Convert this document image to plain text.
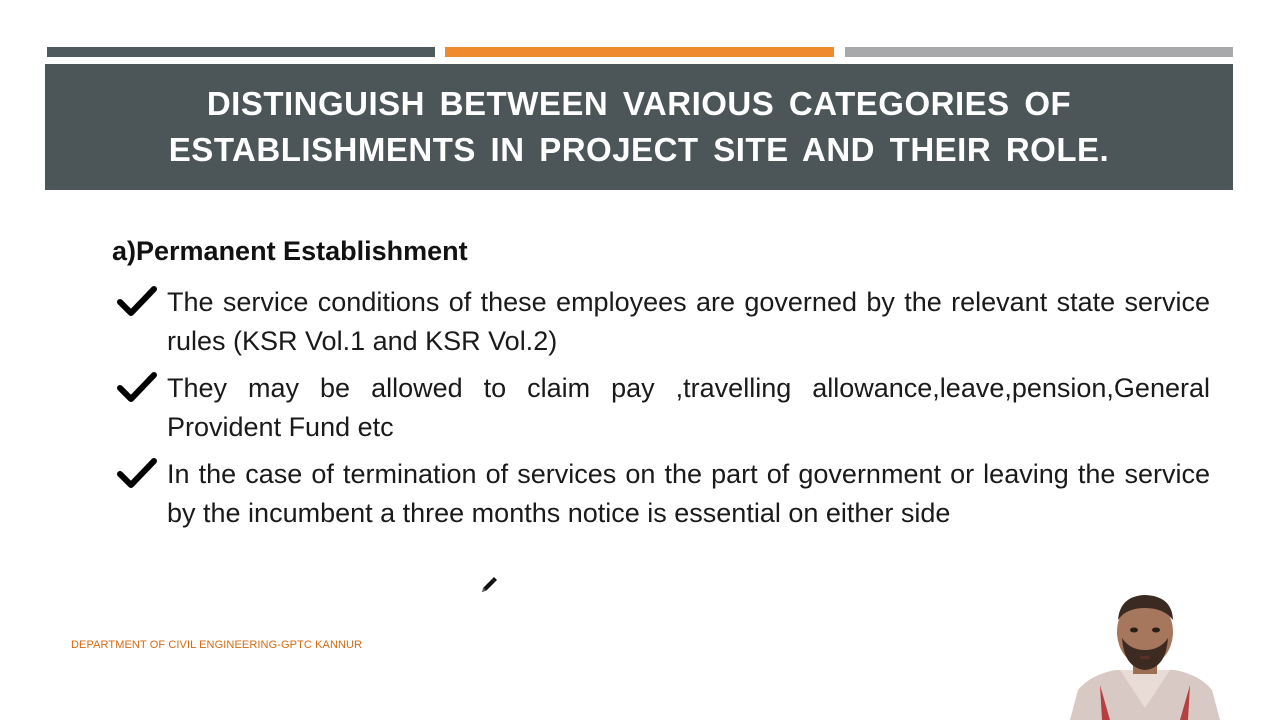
DISTINGUISH BETWEEN VARIOUS CATEGORIES OF ESTABLISHMENTS IN PROJECT SITE AND THEIR ROLE.
a)Permanent Establishment
The service conditions of these employees are governed by the relevant state service rules (KSR Vol.1 and KSR Vol.2)
They may be allowed to claim pay ,travelling allowance,leave,pension,General Provident Fund etc
In the case of termination of services on the part of government or leaving the service by the incumbent a three months notice is essential on either side
DEPARTMENT OF CIVIL ENGINEERING-GPTC KANNUR
